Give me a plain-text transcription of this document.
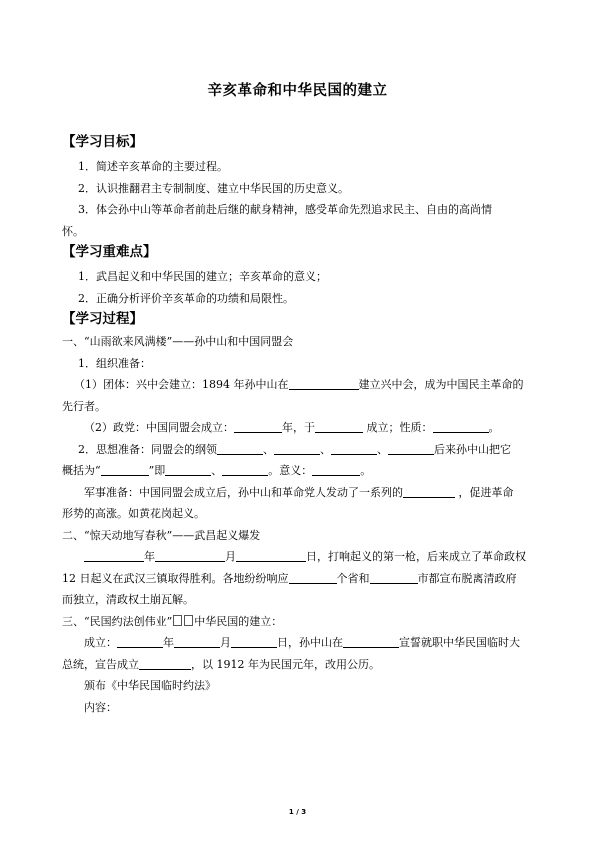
辛亥革命和中华民国的建立

【学习目标】

1．简述辛亥革命的主要过程。

2．认识推翻君主专制制度、建立中华民国的历史意义。

3．体会孙中山等革命者前赴后继的献身精神，感受革命先烈追求民主、自由的高尚情

怀。

【学习重难点】

1．武昌起义和中华民国的建立；辛亥革命的意义；

2．正确分析评价辛亥革命的功绩和局限性。

【学习过程】

一、“山雨欲来风满楼”——孙中山和中国同盟会

1．组织准备：

（1）团体：兴中会建立：1894 年孙中山在	建立兴中会，成为中国民主革命的

先行者。

（2）政党：中国同盟会成立：	年，于	成立；性质：	。

2．思想准备：同盟会的纲领	、	、	、	后来孙中山把它

概括为“	”即	、	。意义：	。

军事准备：中国同盟会成立后，孙中山和革命党人发动了一系列的	，促进革命

形势的高涨。如黄花岗起义。

二、“惊天动地写春秋”——武昌起义爆发

年	月	日，打响起义的第一枪，后来成立了革命政权

12 日起义在武汉三镇取得胜利。各地纷纷响应	个省和	市都宣布脱离清政府

而独立，清政权土崩瓦解。

三、“民国约法创伟业” 中华民国的建立：

成立：	年	月	日，孙中山在	宣誓就职中华民国临时大

总统，宣告成立	，以 1912 年为民国元年，改用公历。

颁布《中华民国临时约法》

内容：

1 / 3
